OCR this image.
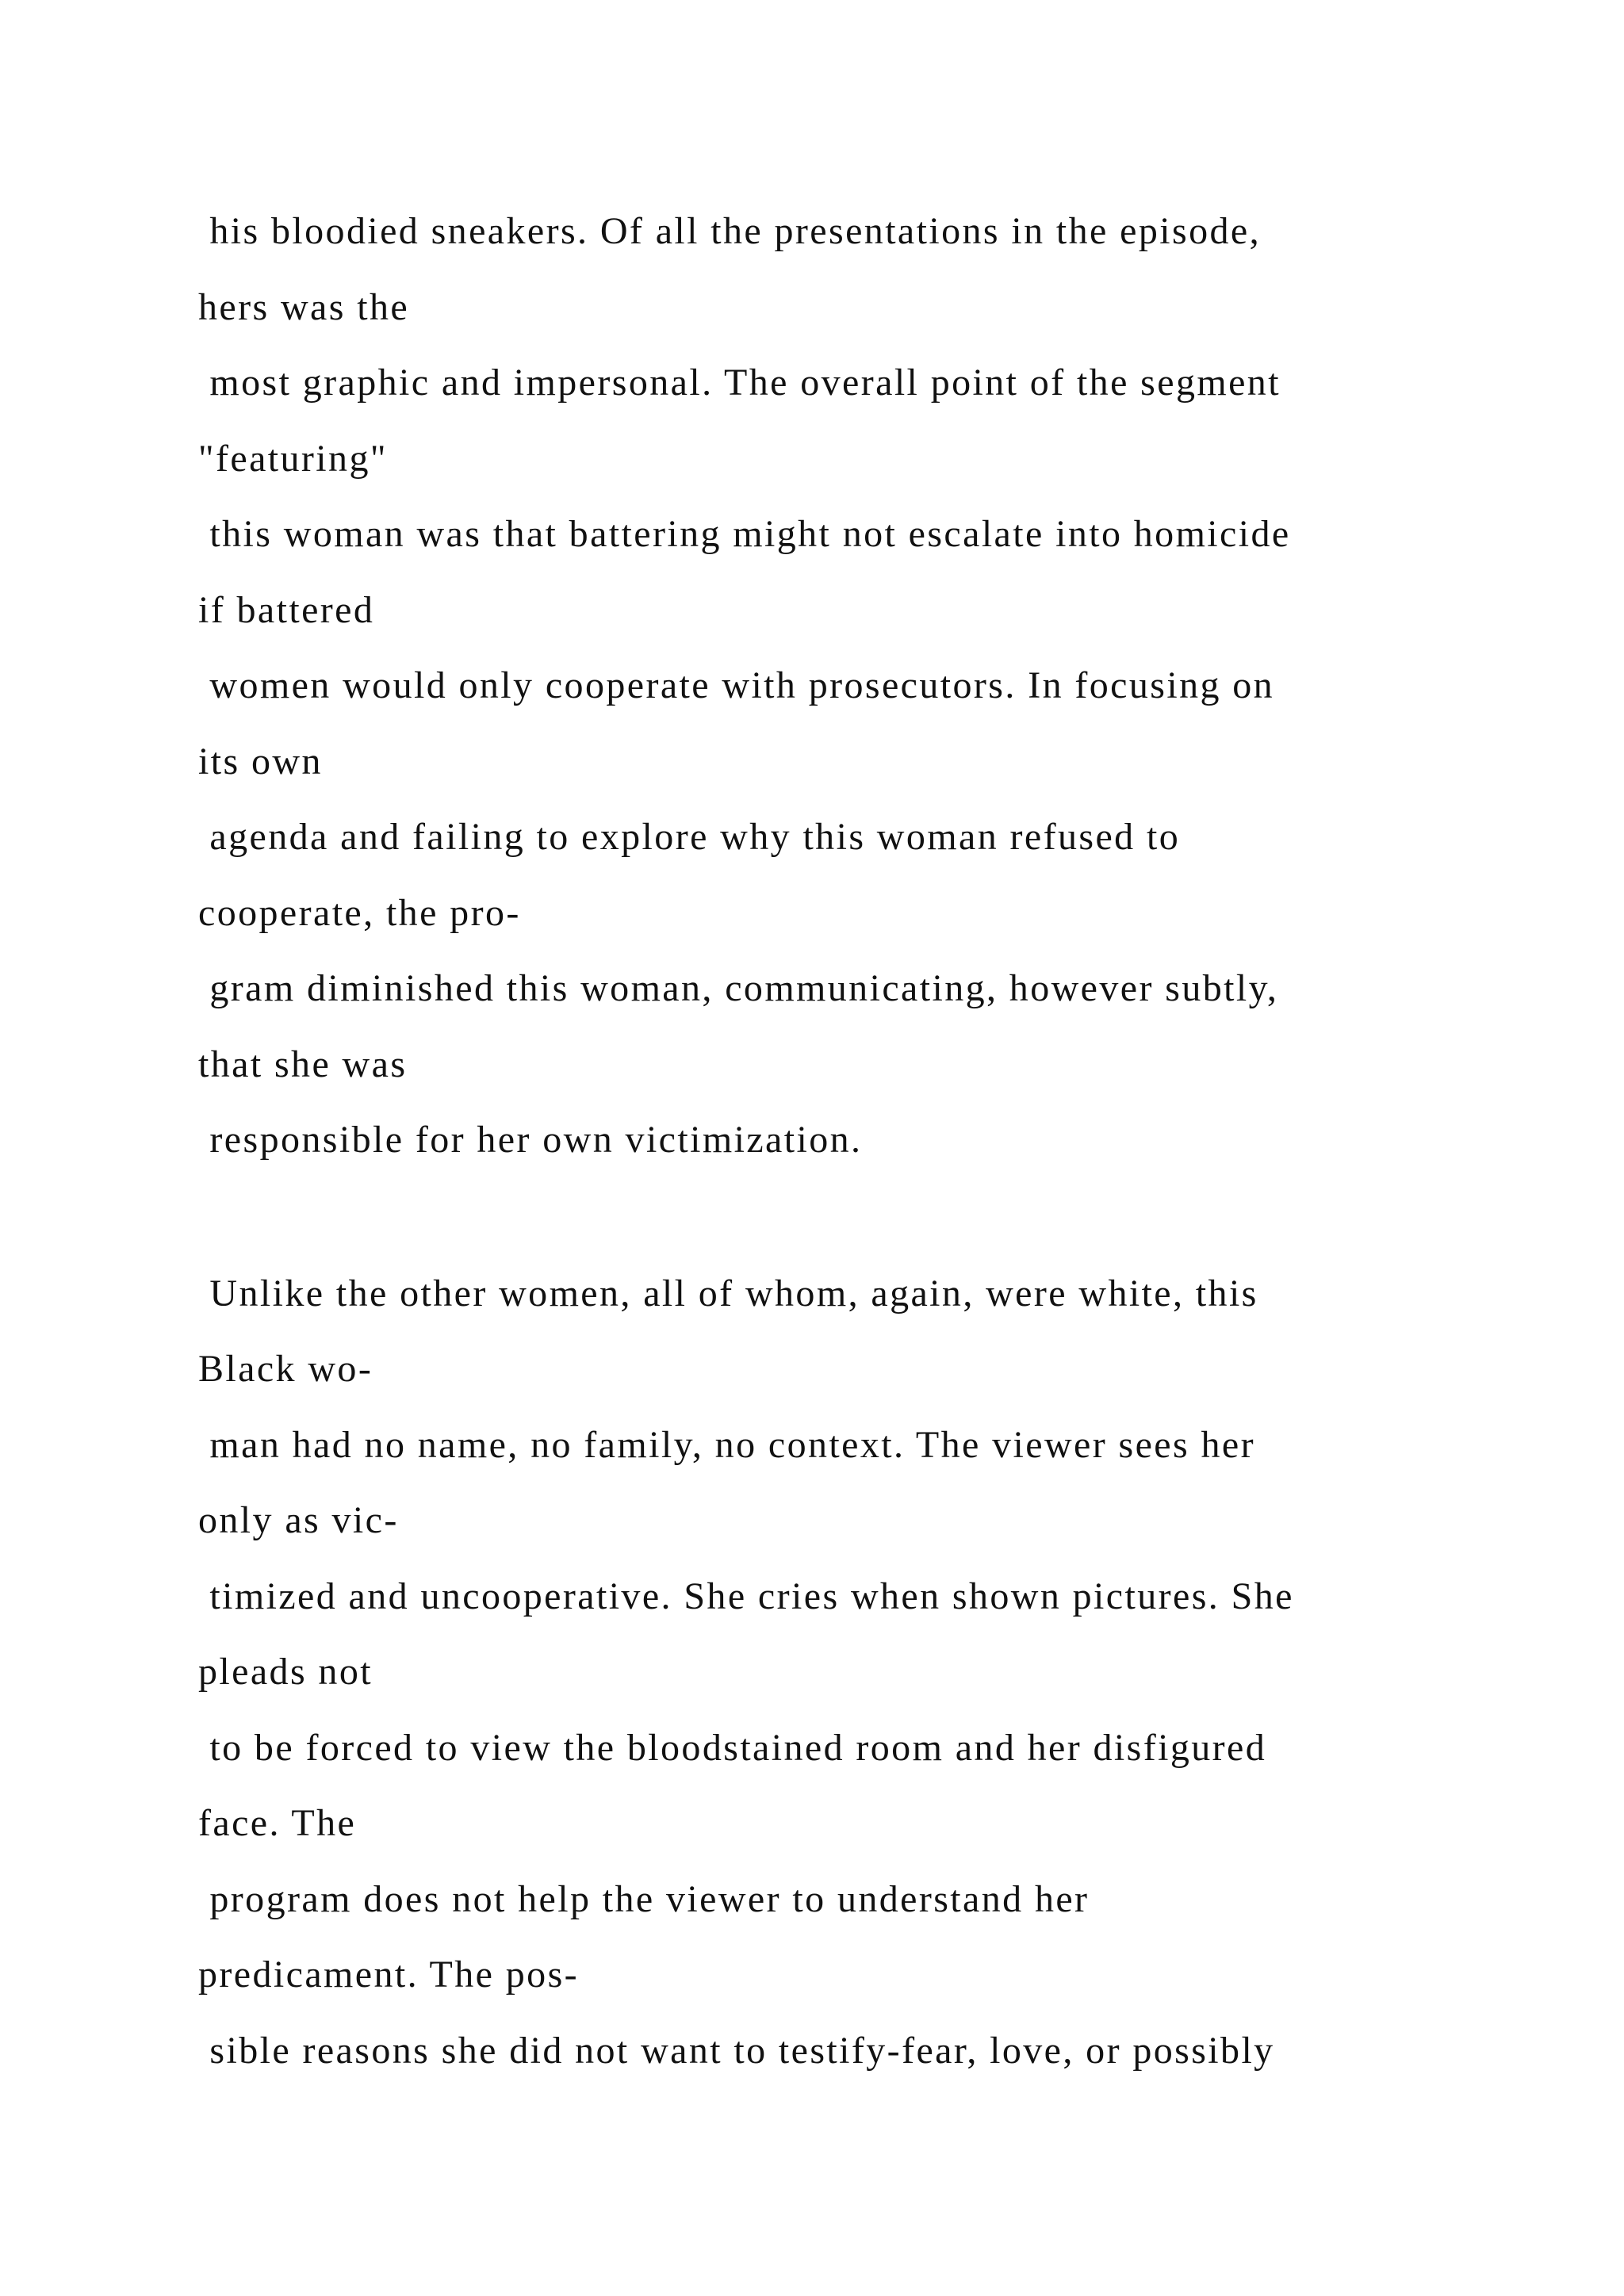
his bloodied sneakers. Of all the presentations in the episode,
hers was the
most graphic and impersonal. The overall point of the segment
"featuring"
this woman was that battering might not escalate into homicide
if battered
women would only cooperate with prosecutors. In focusing on
its own
agenda and failing to explore why this woman refused to
cooperate, the pro-
gram diminished this woman, communicating, however subtly,
that she was
responsible for her own victimization.
Unlike the other women, all of whom, again, were white, this
Black wo-
man had no name, no family, no context. The viewer sees her
only as vic-
timized and uncooperative. She cries when shown pictures. She
pleads not
to be forced to view the bloodstained room and her disfigured
face. The
program does not help the viewer to understand her
predicament. The pos-
sible reasons she did not want to testify-fear, love, or possibly
